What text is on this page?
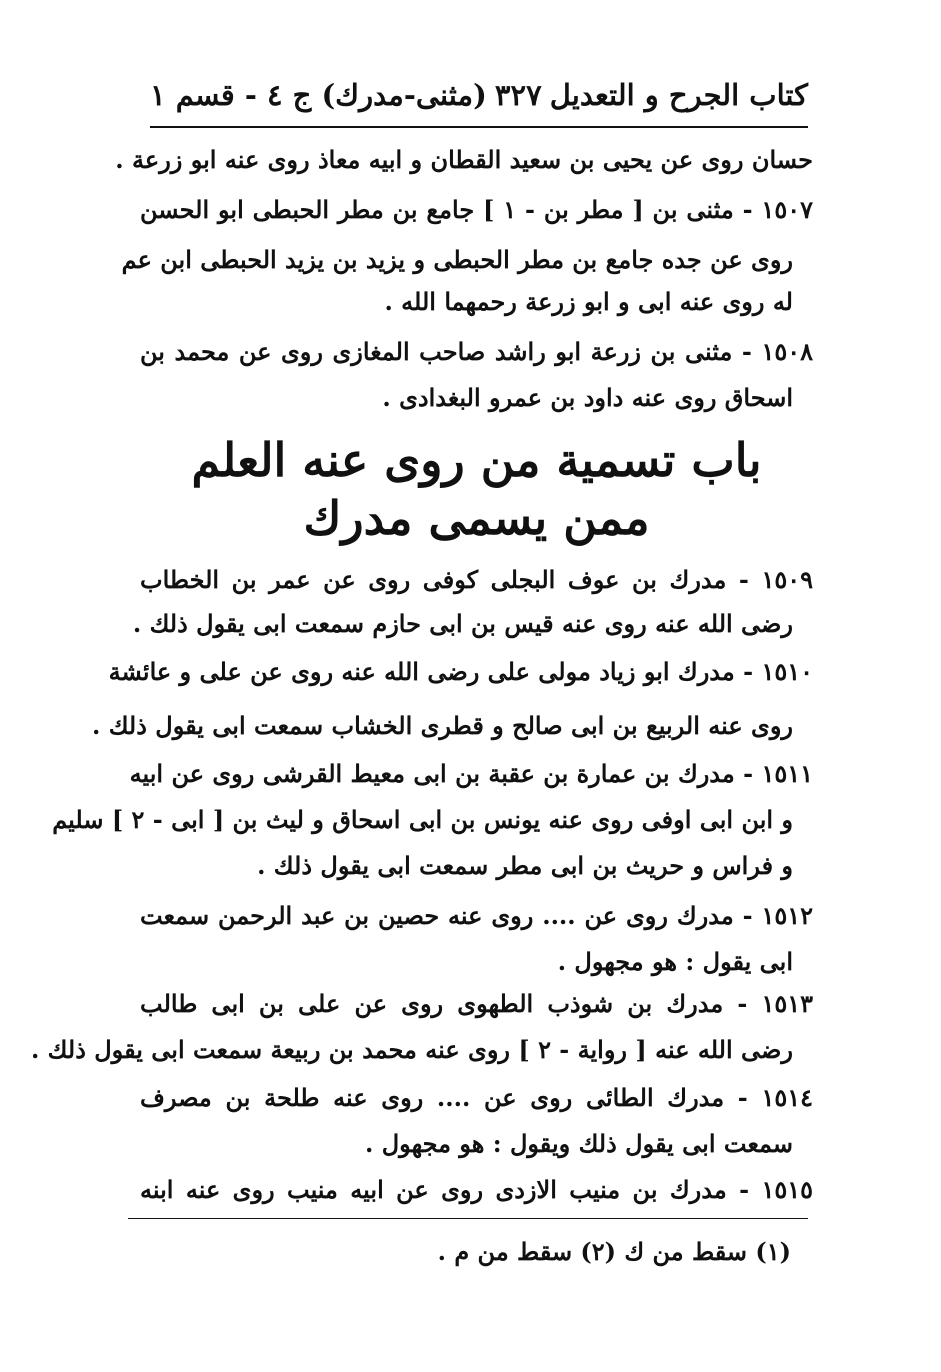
كتاب الجرح و التعديل
٣٢٧
(مثنى-مدرك) ج ٤ - قسم ١
حسان روى عن يحيى بن سعيد القطان و ابيه معاذ روى عنه ابو زرعة .
١٥٠٧ - مثنى بن [ مطر بن - ١ ] جامع بن مطر الحبطى ابو الحسن
روى عن جده جامع بن مطر الحبطى و يزيد بن يزيد الحبطى ابن عم
له روى عنه ابى و ابو زرعة رحمهما الله .
١٥٠٨ - مثنى بن زرعة ابو راشد صاحب المغازى روى عن محمد بن
اسحاق روى عنه داود بن عمرو البغدادى .
باب تسمية من روى عنه العلم
ممن يسمى مدرك
١٥٠٩ - مدرك بن عوف البجلى كوفى روى عن عمر بن الخطاب
رضى الله عنه روى عنه قيس بن ابى حازم سمعت ابى يقول ذلك .
١٥١٠ - مدرك ابو زياد مولى على رضى الله عنه روى عن على و عائشة
روى عنه الربيع بن ابى صالح و قطرى الخشاب سمعت ابى يقول ذلك .
١٥١١ - مدرك بن عمارة بن عقبة بن ابى معيط القرشى روى عن ابيه
و ابن ابى اوفى روى عنه يونس بن ابى اسحاق و ليث بن [ ابى - ٢ ] سليم
و فراس و حريث بن ابى مطر سمعت ابى يقول ذلك .
١٥١٢ - مدرك روى عن .... روى عنه حصين بن عبد الرحمن سمعت
ابى يقول : هو مجهول .
١٥١٣ - مدرك بن شوذب الطهوى روى عن على بن ابى طالب
رضى الله عنه [ رواية - ٢ ] روى عنه محمد بن ربيعة سمعت ابى يقول ذلك .
١٥١٤ - مدرك الطائى روى عن .... روى عنه طلحة بن مصرف
سمعت ابى يقول ذلك ويقول : هو مجهول .
١٥١٥ - مدرك بن منيب الازدى روى عن ابيه منيب روى عنه ابنه
(١) سقط من ك (٢) سقط من م .
